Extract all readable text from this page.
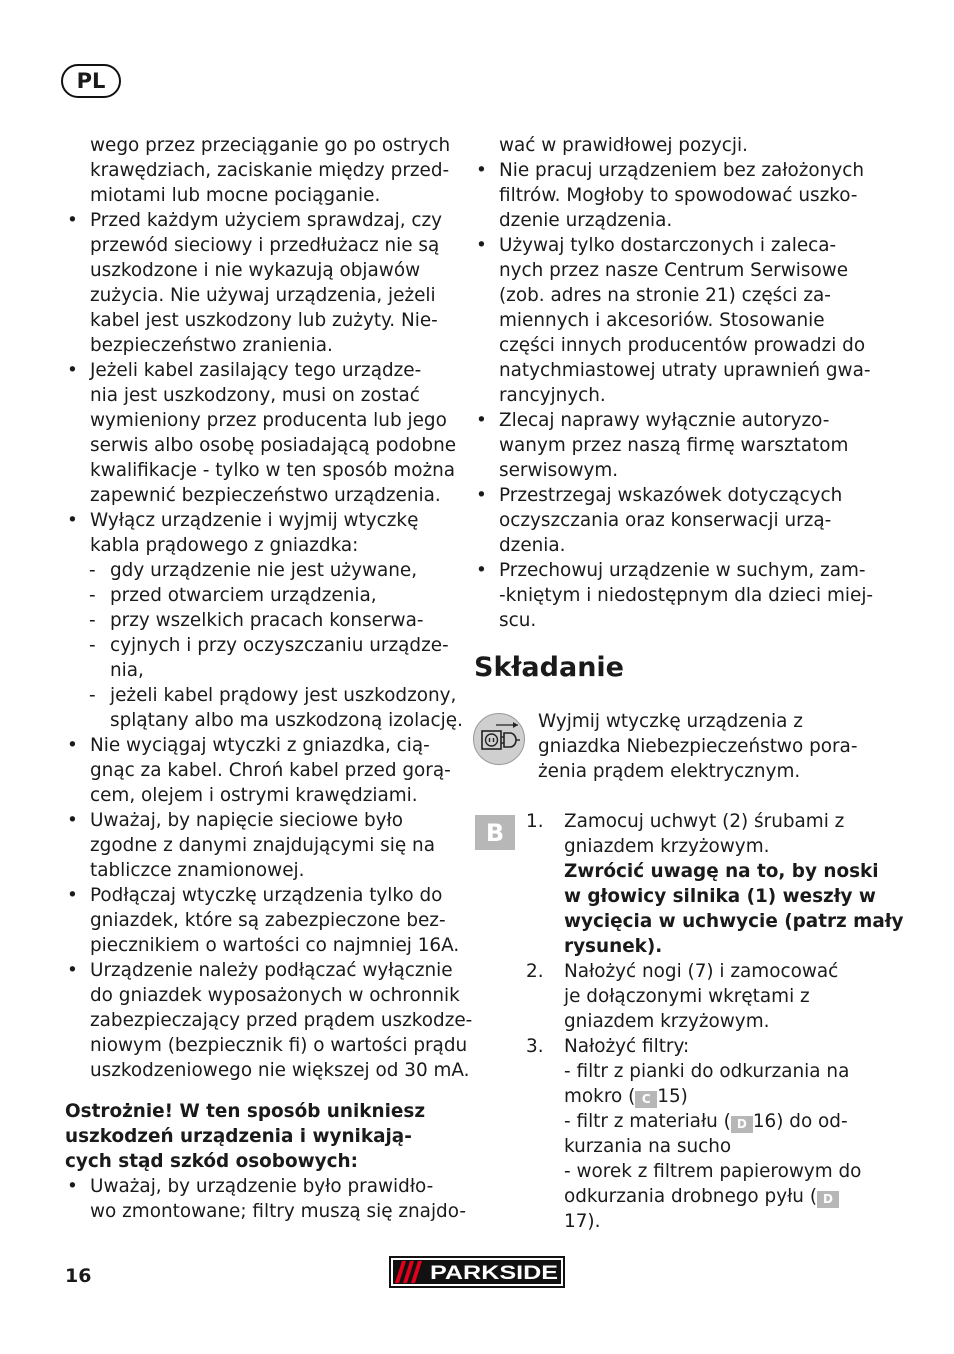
PL

wego przez przeciąganie go po ostrych

krawędziach, zaciskanie między przed-

miotami lub mocne pociąganie.

• Przed każdym użyciem sprawdzaj, czy

przewód sieciowy i przedłużacz nie są

uszkodzone i nie wykazują objawów

zużycia. Nie używaj urządzenia, jeżeli

kabel jest uszkodzony lub zużyty. Nie-

bezpieczeństwo zranienia.

• Jeżeli kabel zasilający tego urządze-

nia jest uszkodzony, musi on zostać

wymieniony przez producenta lub jego

serwis albo osobę posiadającą podobne

kwalifikacje - tylko w ten sposób można

zapewnić bezpieczeństwo urządzenia.

• Wyłącz urządzenie i wyjmij wtyczkę

kabla prądowego z gniazdka:

- gdy urządzenie nie jest używane,

- przed otwarciem urządzenia,

- przy wszelkich pracach konserwa-

- cyjnych i przy oczyszczaniu urządze-

nia,

- jeżeli kabel prądowy jest uszkodzony,

splątany albo ma uszkodzoną izolację.

• Nie wyciągaj wtyczki z gniazdka, cią-

gnąc za kabel. Chroń kabel przed gorą-

cem, olejem i ostrymi krawędziami.

• Uważaj, by napięcie sieciowe było

zgodne z danymi znajdującymi się na

tabliczce znamionowej.

• Podłączaj wtyczkę urządzenia tylko do

gniazdek, które są zabezpieczone bez-

piecznikiem o wartości co najmniej 16A.

• Urządzenie należy podłączać wyłącznie

do gniazdek wyposażonych w ochronnik

zabezpieczający przed prądem uszkodze-

niowym (bezpiecznik fi) o wartości prądu

uszkodzeniowego nie większej od 30 mA.

Ostrożnie! W ten sposób unikniesz

uszkodzeń urządzenia i wynikają-

cych stąd szkód osobowych:

• Uważaj, by urządzenie było prawidło-

wo zmontowane; filtry muszą się znajdo-

wać w prawidłowej pozycji.

• Nie pracuj urządzeniem bez założonych

filtrów. Mogłoby to spowodować uszko-

dzenie urządzenia.

• Używaj tylko dostarczonych i zaleca-

nych przez nasze Centrum Serwisowe

(zob. adres na stronie 21) części za-

miennych i akcesoriów. Stosowanie

części innych producentów prowadzi do

natychmiastowej utraty uprawnień gwa-

rancyjnych.

• Zlecaj naprawy wyłącznie autoryzo-

wanym przez naszą firmę warsztatom

serwisowym.

• Przestrzegaj wskazówek dotyczących

oczyszczania oraz konserwacji urzą-

dzenia.

• Przechowuj urządzenie w suchym, zam-

-kniętym i niedostępnym dla dzieci miej-

scu.

Składanie
Wyjmij wtyczkę urządzenia z
gniazdka Niebezpieczeństwo pora-
żenia prądem elektrycznym.
B	1. Zamocuj uchwyt (2) śrubami z
gniazdem krzyżowym.
Zwrócić uwagę na to, by noski
w głowicy silnika (1) weszły w
wycięcia w uchwycie (patrz mały
rysunek).
2. Nałożyć nogi (7) i zamocować
je dołączonymi wkrętami z
gniazdem krzyżowym.
3. Nałożyć filtry:
- filtr z pianki do odkurzania na
mokro ( C 15)
- filtr z materiału ( D 16) do od-
kurzania na sucho
- worek z filtrem papierowym do
odkurzania drobnego pyłu ( D
17).
16	PARKSIDE
